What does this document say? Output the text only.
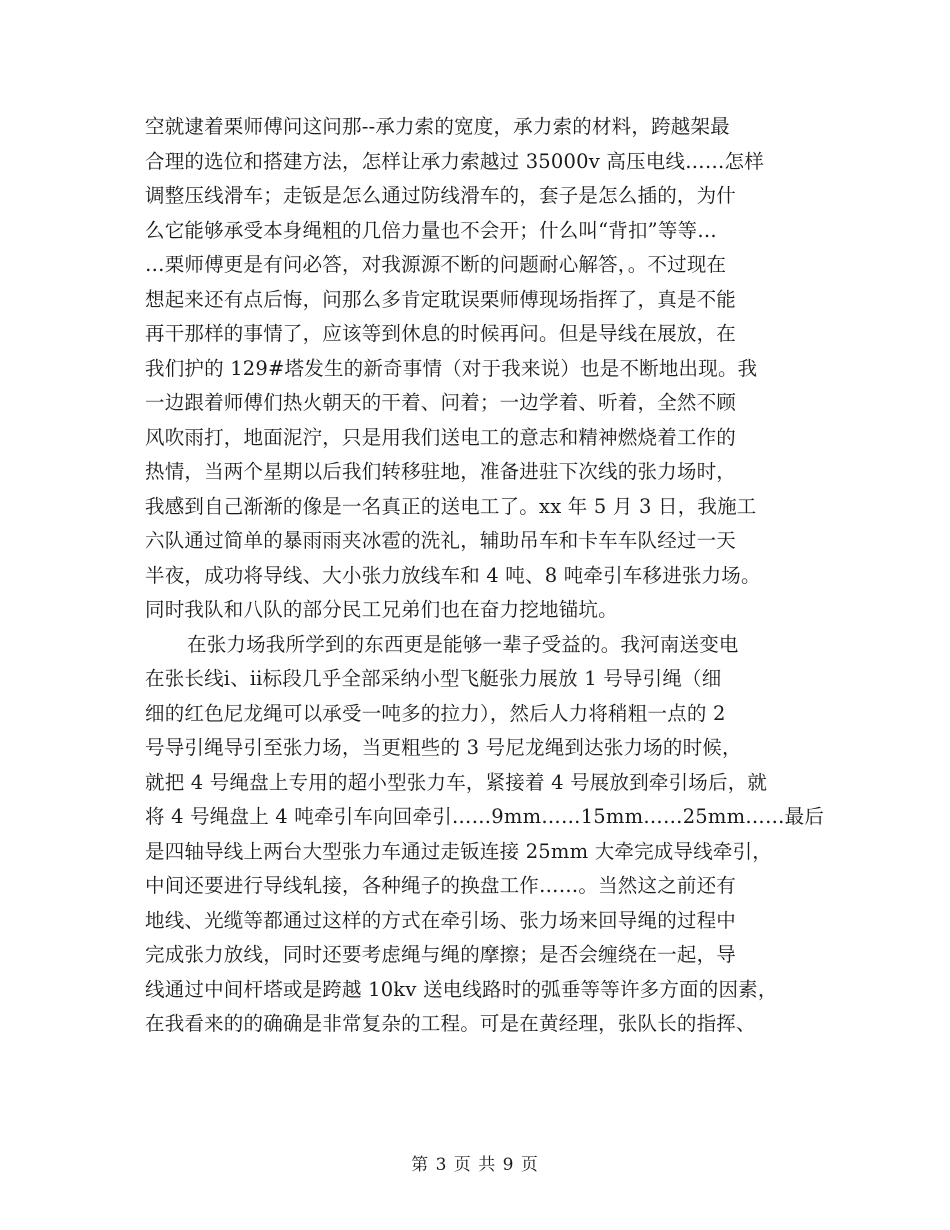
空就逮着栗师傅问这问那--承力索的宽度，承力索的材料，跨越架最
合理的选位和搭建方法，怎样让承力索越过 35000v 高压电线……怎样
调整压线滑车；走钣是怎么通过防线滑车的，套子是怎么插的，为什
么它能够承受本身绳粗的几倍力量也不会开；什么叫“背扣”等等…
…栗师傅更是有问必答，对我源源不断的问题耐心解答，。不过现在
想起来还有点后悔，问那么多肯定耽误栗师傅现场指挥了，真是不能
再干那样的事情了，应该等到休息的时候再问。但是导线在展放，在
我们护的 129#塔发生的新奇事情（对于我来说）也是不断地出现。我
一边跟着师傅们热火朝天的干着、问着；一边学着、听着，全然不顾
风吹雨打，地面泥泞，只是用我们送电工的意志和精神燃烧着工作的
热情，当两个星期以后我们转移驻地，准备进驻下次线的张力场时，
我感到自己渐渐的像是一名真正的送电工了。xx 年 5 月 3 日，我施工
六队通过简单的暴雨雨夹冰雹的洗礼，辅助吊车和卡车车队经过一天
半夜，成功将导线、大小张力放线车和 4 吨、8 吨牵引车移进张力场。
同时我队和八队的部分民工兄弟们也在奋力挖地锚坑。
在张力场我所学到的东西更是能够一辈子受益的。我河南送变电
在张长线ⅰ、ⅱ标段几乎全部采纳小型飞艇张力展放 1 号导引绳（细
细的红色尼龙绳可以承受一吨多的拉力），然后人力将稍粗一点的 2
号导引绳导引至张力场，当更粗些的 3 号尼龙绳到达张力场的时候，
就把 4 号绳盘上专用的超小型张力车，紧接着 4 号展放到牵引场后，就
将 4 号绳盘上 4 吨牵引车向回牵引……9mm……15mm……25mm……最后
是四轴导线上两台大型张力车通过走钣连接 25mm 大牵完成导线牵引，
中间还要进行导线轧接，各种绳子的换盘工作……。当然这之前还有
地线、光缆等都通过这样的方式在牵引场、张力场来回导绳的过程中
完成张力放线，同时还要考虑绳与绳的摩擦；是否会缠绕在一起，导
线通过中间杆塔或是跨越 10kv 送电线路时的弧垂等等许多方面的因素，
在我看来的的确确是非常复杂的工程。可是在黄经理，张队长的指挥、
第 3 页 共 9 页
